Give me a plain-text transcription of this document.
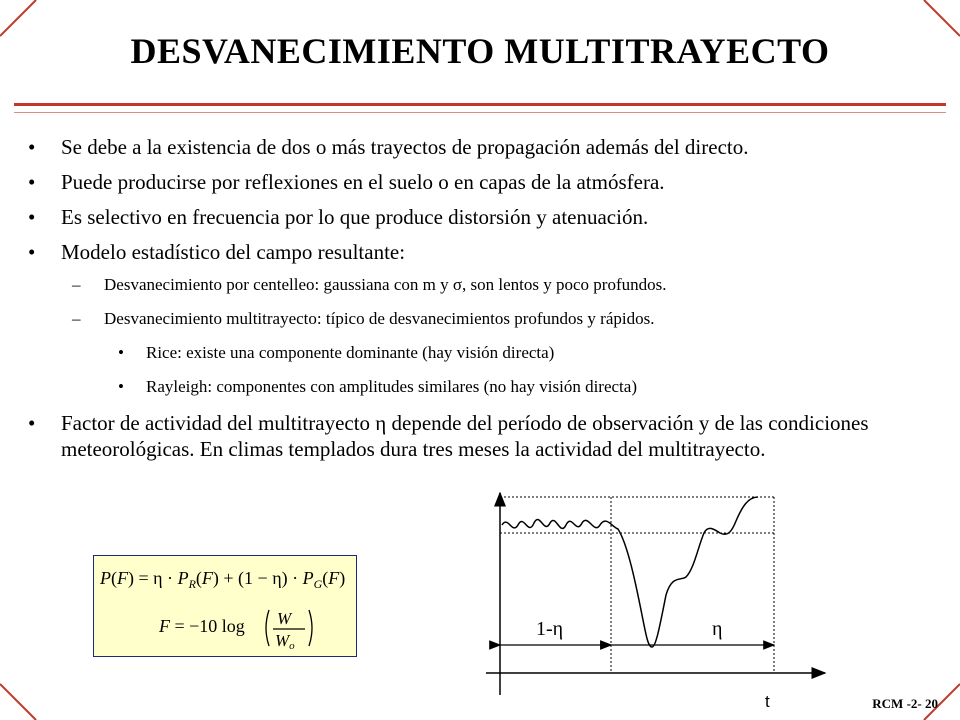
DESVANECIMIENTO MULTITRAYECTO
• Se debe a la existencia de dos o más trayectos de propagación además del directo.
• Puede producirse por reflexiones en el suelo o en capas de la atmósfera.
• Es selectivo en frecuencia por lo que produce distorsión y atenuación.
• Modelo estadístico del campo resultante:
– Desvanecimiento por centelleo: gaussiana con m y σ, son lentos y poco profundos.
– Desvanecimiento multitrayecto: típico de desvanecimientos profundos y rápidos.
• Rice: existe una componente dominante (hay visión directa)
• Rayleigh: componentes con amplitudes similares (no hay visión directa)
• Factor de actividad del multitrayecto η depende del período de observación y de las condiciones meteorológicas. En climas templados dura tres meses la actividad del multitrayecto.
$P(F) = \eta \cdot P_R(F) + (1 - \eta) \cdot P_G(F)$
F = −10 log W
Wo
1-η	η
t	RCM -2- 20
